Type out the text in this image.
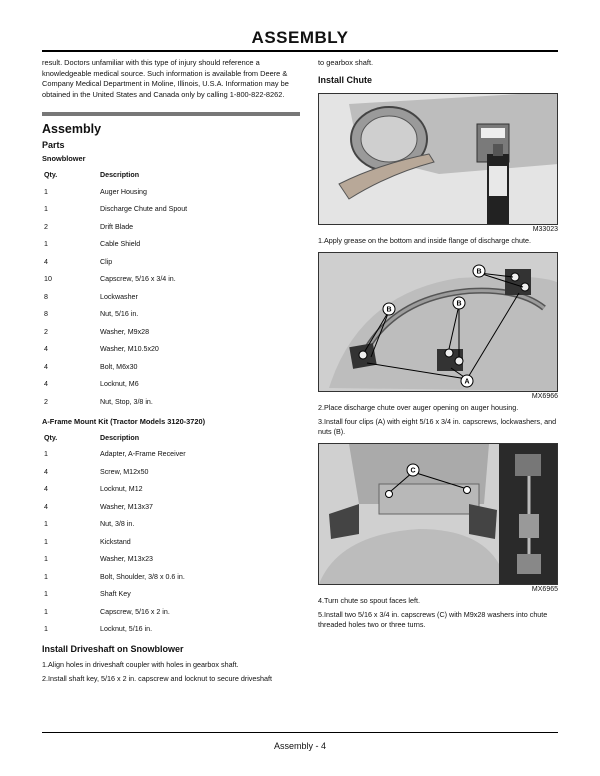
ASSEMBLY

result. Doctors unfamiliar with this type of injury should reference a knowledgeable medical source. Such information is available from Deere & Company Medical Department in Moline, Illinois, U.S.A. Information may be obtained in the United States and Canada only by calling 1-800-822-8262.

Assembly
Parts
Snowblower
Qty.	Description
1	Auger Housing
1	Discharge Chute and Spout
2	Drift Blade
1	Cable Shield
4	Clip
10	Capscrew, 5/16 x 3/4 in.
8	Lockwasher
8	Nut, 5/16 in.
2	Washer, M9x28
4	Washer, M10.5x20
4	Bolt, M6x30
4	Locknut, M6
2	Nut, Stop, 3/8 in.
A-Frame Mount Kit (Tractor Models 3120-3720)
Qty.	Description
1	Adapter, A-Frame Receiver
4	Screw, M12x50
4	Locknut, M12
4	Washer, M13x37
1	Nut, 3/8 in.
1	Kickstand
1	Washer, M13x23
1	Bolt, Shoulder, 3/8 x 0.6 in.
1	Shaft Key
1	Capscrew, 5/16 x 2 in.
1	Locknut, 5/16 in.
Install Driveshaft on Snowblower

1.Align holes in driveshaft coupler with holes in gearbox shaft.

2.Install shaft key, 5/16 x 2 in. capscrew and locknut to secure driveshaft

to gearbox shaft.

Install Chute
M33023

1.Apply grease on the bottom and inside flange of discharge chute.

A
B
B
B
MX6966

2.Place discharge chute over auger opening on auger housing.

3.Install four clips (A) with eight 5/16 x 3/4 in. capscrews, lockwashers, and nuts (B).

C
MX6965

4.Turn chute so spout faces left.

5.Install two 5/16 x 3/4 in. capscrews (C) with M9x28 washers into chute threaded holes two or three turns.

Assembly - 4
